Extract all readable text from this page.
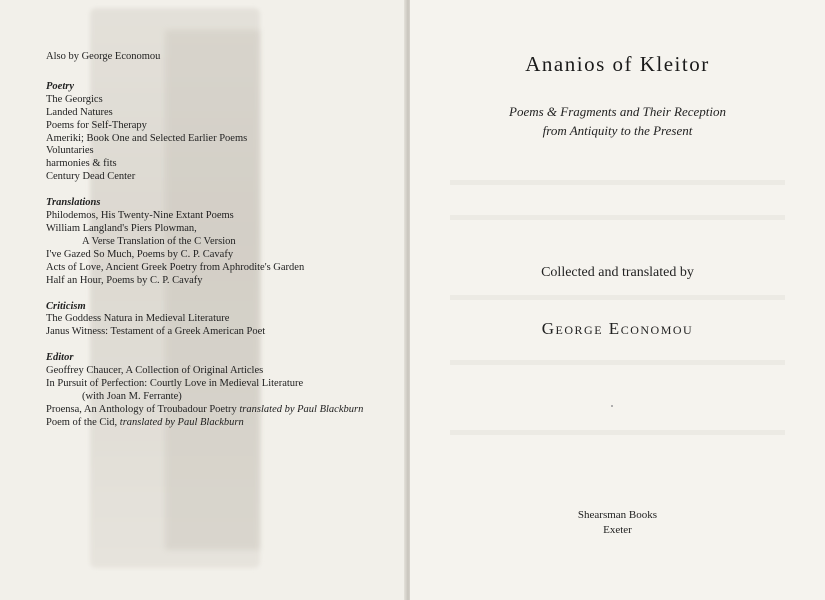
Also by George Economou
Poetry
The Georgics
Landed Natures
Poems for Self-Therapy
Ameriki; Book One and Selected Earlier Poems
Voluntaries
harmonies & fits
Century Dead Center
Translations
Philodemos, His Twenty-Nine Extant Poems
William Langland's Piers Plowman,
A Verse Translation of the C Version
I've Gazed So Much, Poems by C. P. Cavafy
Acts of Love, Ancient Greek Poetry from Aphrodite's Garden
Half an Hour, Poems by C. P. Cavafy
Criticism
The Goddess Natura in Medieval Literature
Janus Witness: Testament of a Greek American Poet
Editor
Geoffrey Chaucer, A Collection of Original Articles
In Pursuit of Perfection: Courtly Love in Medieval Literature
(with Joan M. Ferrante)
Proensa, An Anthology of Troubadour Poetry translated by Paul Blackburn
Poem of the Cid, translated by Paul Blackburn
Ananios of Kleitor
Poems & Fragments and Their Reception
from Antiquity to the Present
Collected and translated by
George Economou
Shearsman Books
Exeter
